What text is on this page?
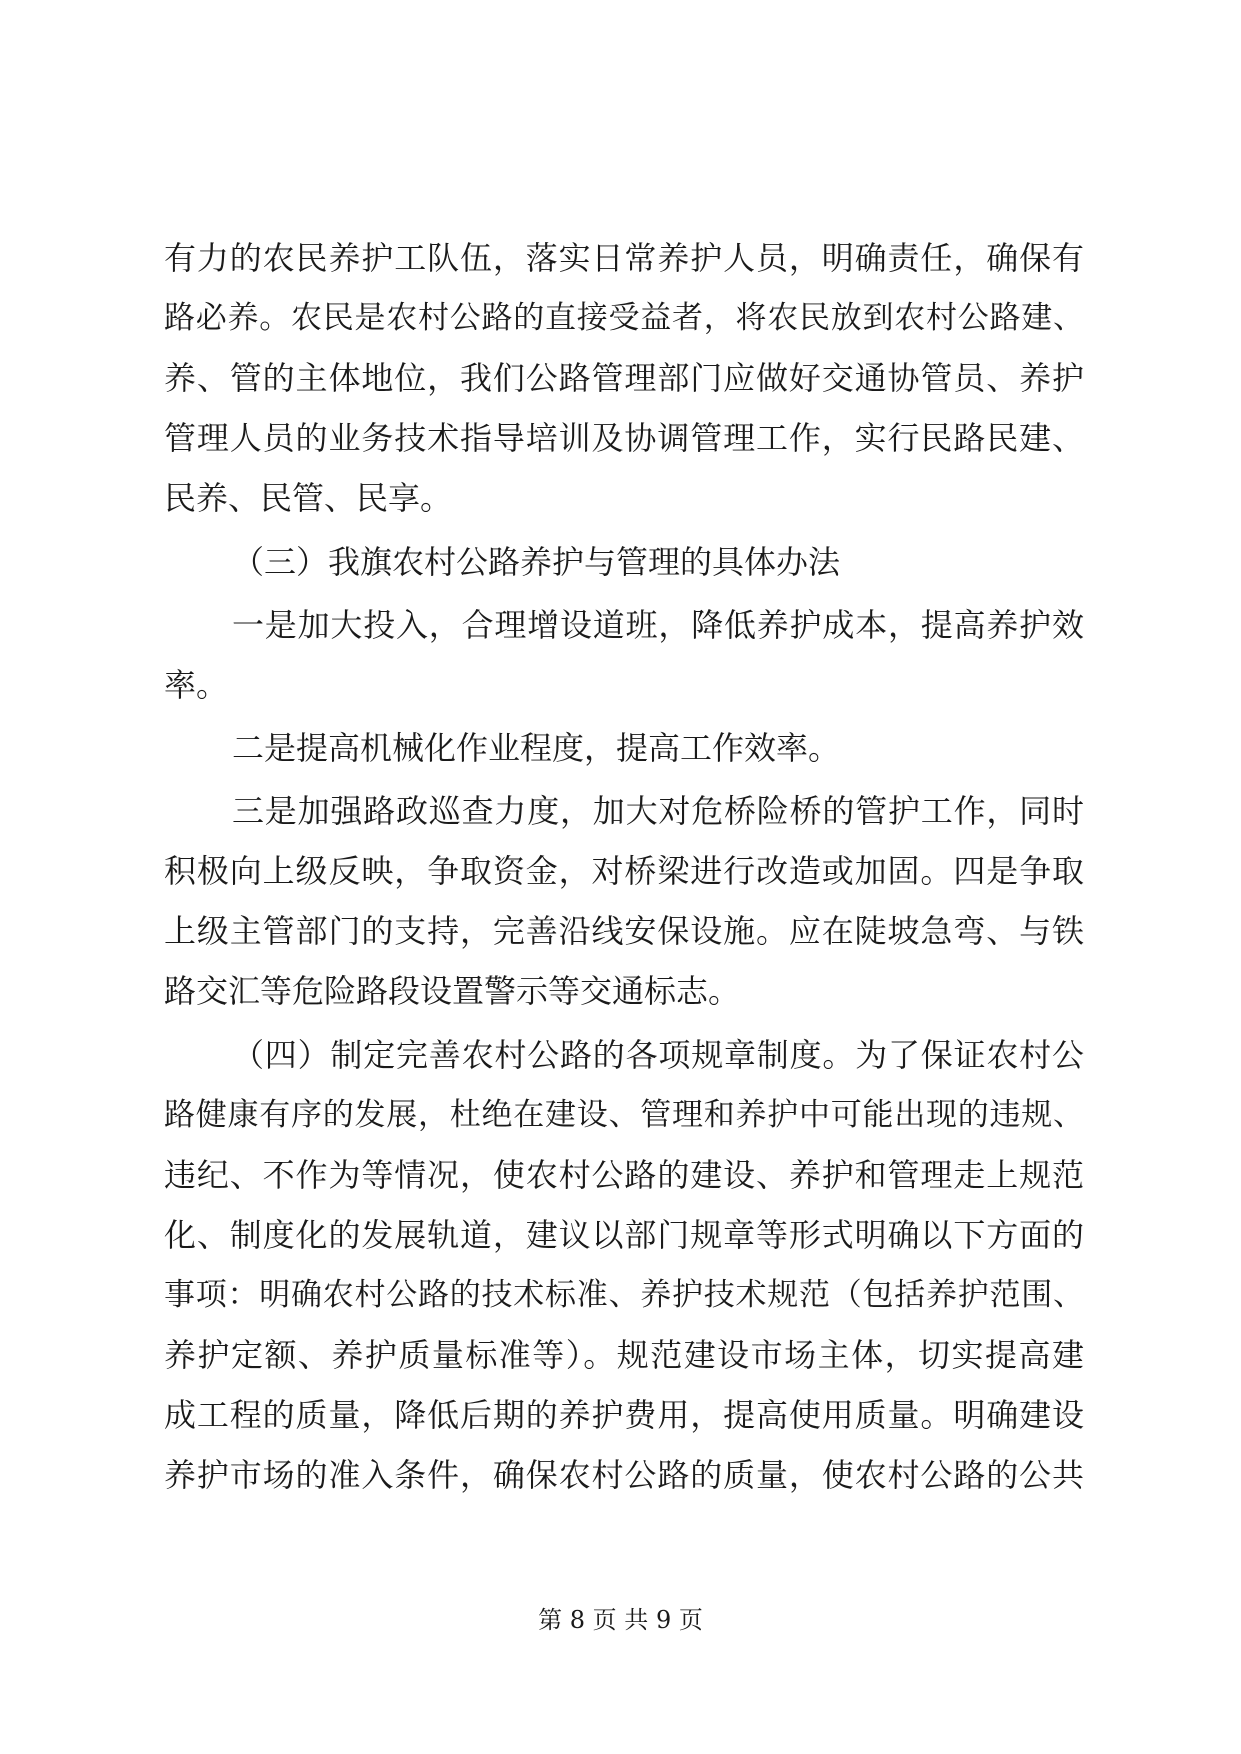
有力的农民养护工队伍，落实日常养护人员，明确责任，确保有
路必养。农民是农村公路的直接受益者，将农民放到农村公路建、
养、管的主体地位，我们公路管理部门应做好交通协管员、养护
管理人员的业务技术指导培训及协调管理工作，实行民路民建、
民养、民管、民享。
（三）我旗农村公路养护与管理的具体办法
一是加大投入，合理增设道班，降低养护成本，提高养护效
率。
二是提高机械化作业程度，提高工作效率。
三是加强路政巡查力度，加大对危桥险桥的管护工作，同时
积极向上级反映，争取资金，对桥梁进行改造或加固。四是争取
上级主管部门的支持，完善沿线安保设施。应在陡坡急弯、与铁
路交汇等危险路段设置警示等交通标志。
（四）制定完善农村公路的各项规章制度。为了保证农村公
路健康有序的发展，杜绝在建设、管理和养护中可能出现的违规、
违纪、不作为等情况，使农村公路的建设、养护和管理走上规范
化、制度化的发展轨道，建议以部门规章等形式明确以下方面的
事项：明确农村公路的技术标准、养护技术规范（包括养护范围、
养护定额、养护质量标准等）。规范建设市场主体，切实提高建
成工程的质量，降低后期的养护费用，提高使用质量。明确建设
养护市场的准入条件，确保农村公路的质量，使农村公路的公共
第 8 页 共 9 页
